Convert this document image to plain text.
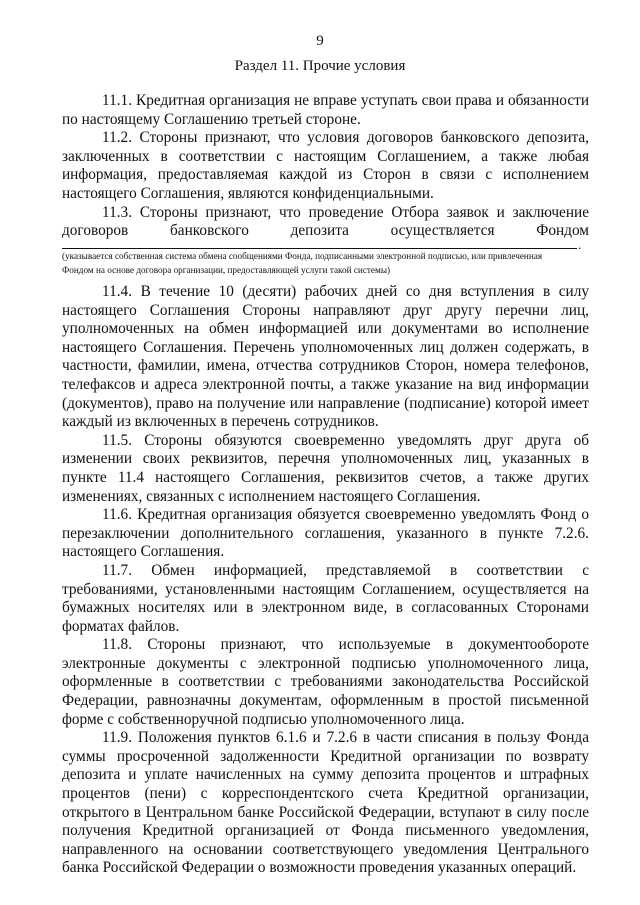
9
Раздел 11. Прочие условия

11.1. Кредитная организация не вправе уступать свои права и обязанности по настоящему Соглашению третьей стороне.

11.2. Стороны признают, что условия договоров банковского депозита, заключенных в соответствии с настоящим Соглашением, а также любая информация, предоставляемая каждой из Сторон в связи с исполнением настоящего Соглашения, являются конфиденциальными.

11.3. Стороны признают, что проведение Отбора заявок и заключение договоров банковского депозита осуществляется Фондом

.
(указывается собственная система обмена сообщениями Фонда, подписанными электронной подписью, или привлеченная
Фондом на основе договора организации, предоставляющей услуги такой системы)

11.4. В течение 10 (десяти) рабочих дней со дня вступления в силу настоящего Соглашения Стороны направляют друг другу перечни лиц, уполномоченных на обмен информацией или документами во исполнение настоящего Соглашения. Перечень уполномоченных лиц должен содержать, в частности, фамилии, имена, отчества сотрудников Сторон, номера телефонов, телефаксов и адреса электронной почты, а также указание на вид информации (документов), право на получение или направление (подписание) которой имеет каждый из включенных в перечень сотрудников.

11.5. Стороны обязуются своевременно уведомлять друг друга об изменении своих реквизитов, перечня уполномоченных лиц, указанных в пункте 11.4 настоящего Соглашения, реквизитов счетов, а также других изменениях, связанных с исполнением настоящего Соглашения.

11.6. Кредитная организация обязуется своевременно уведомлять Фонд о перезаключении дополнительного соглашения, указанного в пункте 7.2.6. настоящего Соглашения.

11.7. Обмен информацией, представляемой в соответствии с требованиями, установленными настоящим Соглашением, осуществляется на бумажных носителях или в электронном виде, в согласованных Сторонами форматах файлов.

11.8. Стороны признают, что используемые в документообороте электронные документы с электронной подписью уполномоченного лица, оформленные в соответствии с требованиями законодательства Российской Федерации, равнозначны документам, оформленным в простой письменной форме с собственноручной подписью уполномоченного лица.

11.9. Положения пунктов 6.1.6 и 7.2.6 в части списания в пользу Фонда суммы просроченной задолженности Кредитной организации по возврату депозита и уплате начисленных на сумму депозита процентов и штрафных процентов (пени) с корреспондентского счета Кредитной организации, открытого в Центральном банке Российской Федерации, вступают в силу после получения Кредитной организацией от Фонда письменного уведомления, направленного на основании соответствующего уведомления Центрального банка Российской Федерации о возможности проведения указанных операций.
